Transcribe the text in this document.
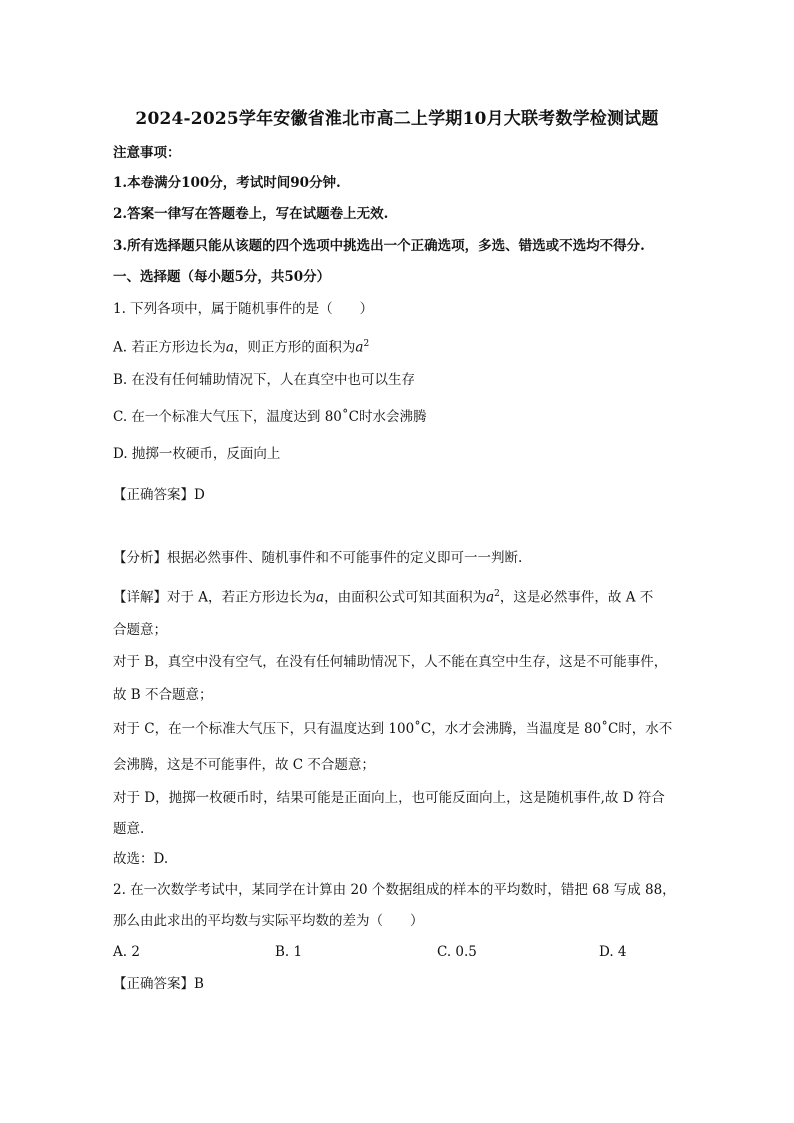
2024-2025学年安徽省淮北市高二上学期10月大联考数学检测试题
注意事项：
1.本卷满分100分，考试时间90分钟.
2.答案一律写在答题卷上，写在试题卷上无效.
3.所有选择题只能从该题的四个选项中挑选出一个正确选项，多选、错选或不选均不得分.
一、选择题（每小题5分，共50分）
1. 下列各项中，属于随机事件的是（　　）
A. 若正方形边长为a，则正方形的面积为$a^2$
B. 在没有任何辅助情况下，人在真空中也可以生存
C. 在一个标准大气压下，温度达到 80˚C时水会沸腾
D. 抛掷一枚硬币，反面向上
【正确答案】D
【分析】根据必然事件、随机事件和不可能事件的定义即可一一判断.
【详解】对于 A，若正方形边长为a，由面积公式可知其面积为$a^2$，这是必然事件，故 A 不
合题意；
对于 B，真空中没有空气，在没有任何辅助情况下，人不能在真空中生存，这是不可能事件，
故 B 不合题意；
对于 C，在一个标准大气压下，只有温度达到 100˚C，水才会沸腾，当温度是 80˚C时，水不
会沸腾，这是不可能事件，故 C 不合题意；
对于 D，抛掷一枚硬币时，结果可能是正面向上，也可能反面向上，这是随机事件,故 D 符合
题意.
故选：D.
2. 在一次数学考试中，某同学在计算由 20 个数据组成的样本的平均数时，错把 68 写成 88，
那么由此求出的平均数与实际平均数的差为（　　）
A. 2	B. 1	C. 0.5	D. 4
【正确答案】B
